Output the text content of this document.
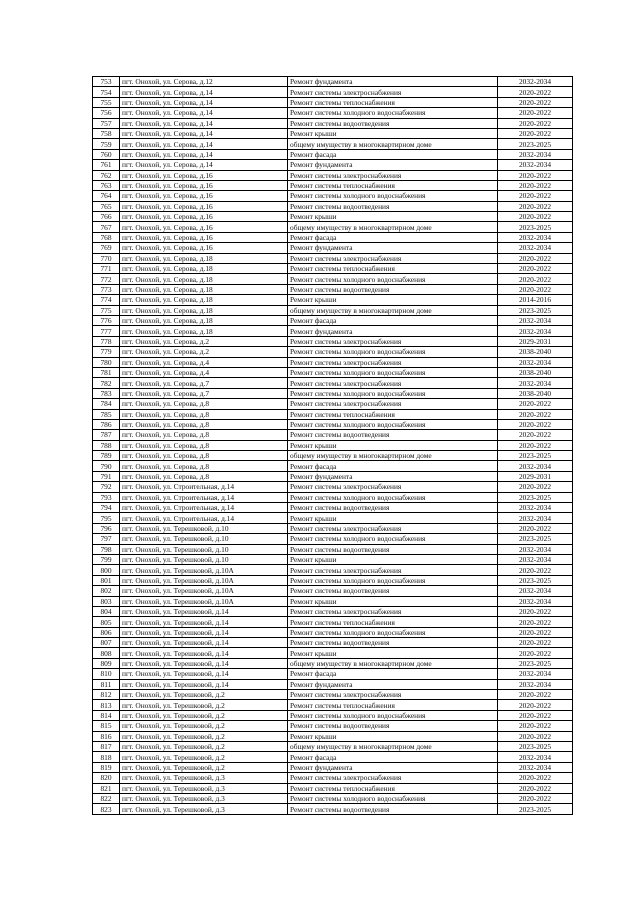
753	пгт. Онохой, ул. Серова, д.12	Ремонт фундамента	2032-2034
754	пгт. Онохой, ул. Серова, д.14	Ремонт системы электроснабжения	2020-2022
755	пгт. Онохой, ул. Серова, д.14	Ремонт системы теплоснабжения	2020-2022
756	пгт. Онохой, ул. Серова, д.14	Ремонт системы холодного водоснабжения	2020-2022
757	пгт. Онохой, ул. Серова, д.14	Ремонт системы водоотведения	2020-2022
758	пгт. Онохой, ул. Серова, д.14	Ремонт крыши	2020-2022
759	пгт. Онохой, ул. Серова, д.14	общему имуществу в многоквартирном доме	2023-2025
760	пгт. Онохой, ул. Серова, д.14	Ремонт фасада	2032-2034
761	пгт. Онохой, ул. Серова, д.14	Ремонт фундамента	2032-2034
762	пгт. Онохой, ул. Серова, д.16	Ремонт системы электроснабжения	2020-2022
763	пгт. Онохой, ул. Серова, д.16	Ремонт системы теплоснабжения	2020-2022
764	пгт. Онохой, ул. Серова, д.16	Ремонт системы холодного водоснабжения	2020-2022
765	пгт. Онохой, ул. Серова, д.16	Ремонт системы водоотведения	2020-2022
766	пгт. Онохой, ул. Серова, д.16	Ремонт крыши	2020-2022
767	пгт. Онохой, ул. Серова, д.16	общему имуществу в многоквартирном доме	2023-2025
768	пгт. Онохой, ул. Серова, д.16	Ремонт фасада	2032-2034
769	пгт. Онохой, ул. Серова, д.16	Ремонт фундамента	2032-2034
770	пгт. Онохой, ул. Серова, д.18	Ремонт системы электроснабжения	2020-2022
771	пгт. Онохой, ул. Серова, д.18	Ремонт системы теплоснабжения	2020-2022
772	пгт. Онохой, ул. Серова, д.18	Ремонт системы холодного водоснабжения	2020-2022
773	пгт. Онохой, ул. Серова, д.18	Ремонт системы водоотведения	2020-2022
774	пгт. Онохой, ул. Серова, д.18	Ремонт крыши	2014-2016
775	пгт. Онохой, ул. Серова, д.18	общему имуществу в многоквартирном доме	2023-2025
776	пгт. Онохой, ул. Серова, д.18	Ремонт фасада	2032-2034
777	пгт. Онохой, ул. Серова, д.18	Ремонт фундамента	2032-2034
778	пгт. Онохой, ул. Серова, д.2	Ремонт системы электроснабжения	2029-2031
779	пгт. Онохой, ул. Серова, д.2	Ремонт системы холодного водоснабжения	2038-2040
780	пгт. Онохой, ул. Серова, д.4	Ремонт системы электроснабжения	2032-2034
781	пгт. Онохой, ул. Серова, д.4	Ремонт системы холодного водоснабжения	2038-2040
782	пгт. Онохой, ул. Серова, д.7	Ремонт системы электроснабжения	2032-2034
783	пгт. Онохой, ул. Серова, д.7	Ремонт системы холодного водоснабжения	2038-2040
784	пгт. Онохой, ул. Серова, д.8	Ремонт системы электроснабжения	2020-2022
785	пгт. Онохой, ул. Серова, д.8	Ремонт системы теплоснабжения	2020-2022
786	пгт. Онохой, ул. Серова, д.8	Ремонт системы холодного водоснабжения	2020-2022
787	пгт. Онохой, ул. Серова, д.8	Ремонт системы водоотведения	2020-2022
788	пгт. Онохой, ул. Серова, д.8	Ремонт крыши	2020-2022
789	пгт. Онохой, ул. Серова, д.8	общему имуществу в многоквартирном доме	2023-2025
790	пгт. Онохой, ул. Серова, д.8	Ремонт фасада	2032-2034
791	пгт. Онохой, ул. Серова, д.8	Ремонт фундамента	2029-2031
792	пгт. Онохой, ул. Строительная, д.14	Ремонт системы электроснабжения	2020-2022
793	пгт. Онохой, ул. Строительная, д.14	Ремонт системы холодного водоснабжения	2023-2025
794	пгт. Онохой, ул. Строительная, д.14	Ремонт системы водоотведения	2032-2034
795	пгт. Онохой, ул. Строительная, д.14	Ремонт крыши	2032-2034
796	пгт. Онохой, ул. Терешковой, д.10	Ремонт системы электроснабжения	2020-2022
797	пгт. Онохой, ул. Терешковой, д.10	Ремонт системы холодного водоснабжения	2023-2025
798	пгт. Онохой, ул. Терешковой, д.10	Ремонт системы водоотведения	2032-2034
799	пгт. Онохой, ул. Терешковой, д.10	Ремонт крыши	2032-2034
800	пгт. Онохой, ул. Терешковой, д.10А	Ремонт системы электроснабжения	2020-2022
801	пгт. Онохой, ул. Терешковой, д.10А	Ремонт системы холодного водоснабжения	2023-2025
802	пгт. Онохой, ул. Терешковой, д.10А	Ремонт системы водоотведения	2032-2034
803	пгт. Онохой, ул. Терешковой, д.10А	Ремонт крыши	2032-2034
804	пгт. Онохой, ул. Терешковой, д.14	Ремонт системы электроснабжения	2020-2022
805	пгт. Онохой, ул. Терешковой, д.14	Ремонт системы теплоснабжения	2020-2022
806	пгт. Онохой, ул. Терешковой, д.14	Ремонт системы холодного водоснабжения	2020-2022
807	пгт. Онохой, ул. Терешковой, д.14	Ремонт системы водоотведения	2020-2022
808	пгт. Онохой, ул. Терешковой, д.14	Ремонт крыши	2020-2022
809	пгт. Онохой, ул. Терешковой, д.14	общему имуществу в многоквартирном доме	2023-2025
810	пгт. Онохой, ул. Терешковой, д.14	Ремонт фасада	2032-2034
811	пгт. Онохой, ул. Терешковой, д.14	Ремонт фундамента	2032-2034
812	пгт. Онохой, ул. Терешковой, д.2	Ремонт системы электроснабжения	2020-2022
813	пгт. Онохой, ул. Терешковой, д.2	Ремонт системы теплоснабжения	2020-2022
814	пгт. Онохой, ул. Терешковой, д.2	Ремонт системы холодного водоснабжения	2020-2022
815	пгт. Онохой, ул. Терешковой, д.2	Ремонт системы водоотведения	2020-2022
816	пгт. Онохой, ул. Терешковой, д.2	Ремонт крыши	2020-2022
817	пгт. Онохой, ул. Терешковой, д.2	общему имуществу в многоквартирном доме	2023-2025
818	пгт. Онохой, ул. Терешковой, д.2	Ремонт фасада	2032-2034
819	пгт. Онохой, ул. Терешковой, д.2	Ремонт фундамента	2032-2034
820	пгт. Онохой, ул. Терешковой, д.3	Ремонт системы электроснабжения	2020-2022
821	пгт. Онохой, ул. Терешковой, д.3	Ремонт системы теплоснабжения	2020-2022
822	пгт. Онохой, ул. Терешковой, д.3	Ремонт системы холодного водоснабжения	2020-2022
823	пгт. Онохой, ул. Терешковой, д.3	Ремонт системы водоотведения	2023-2025
